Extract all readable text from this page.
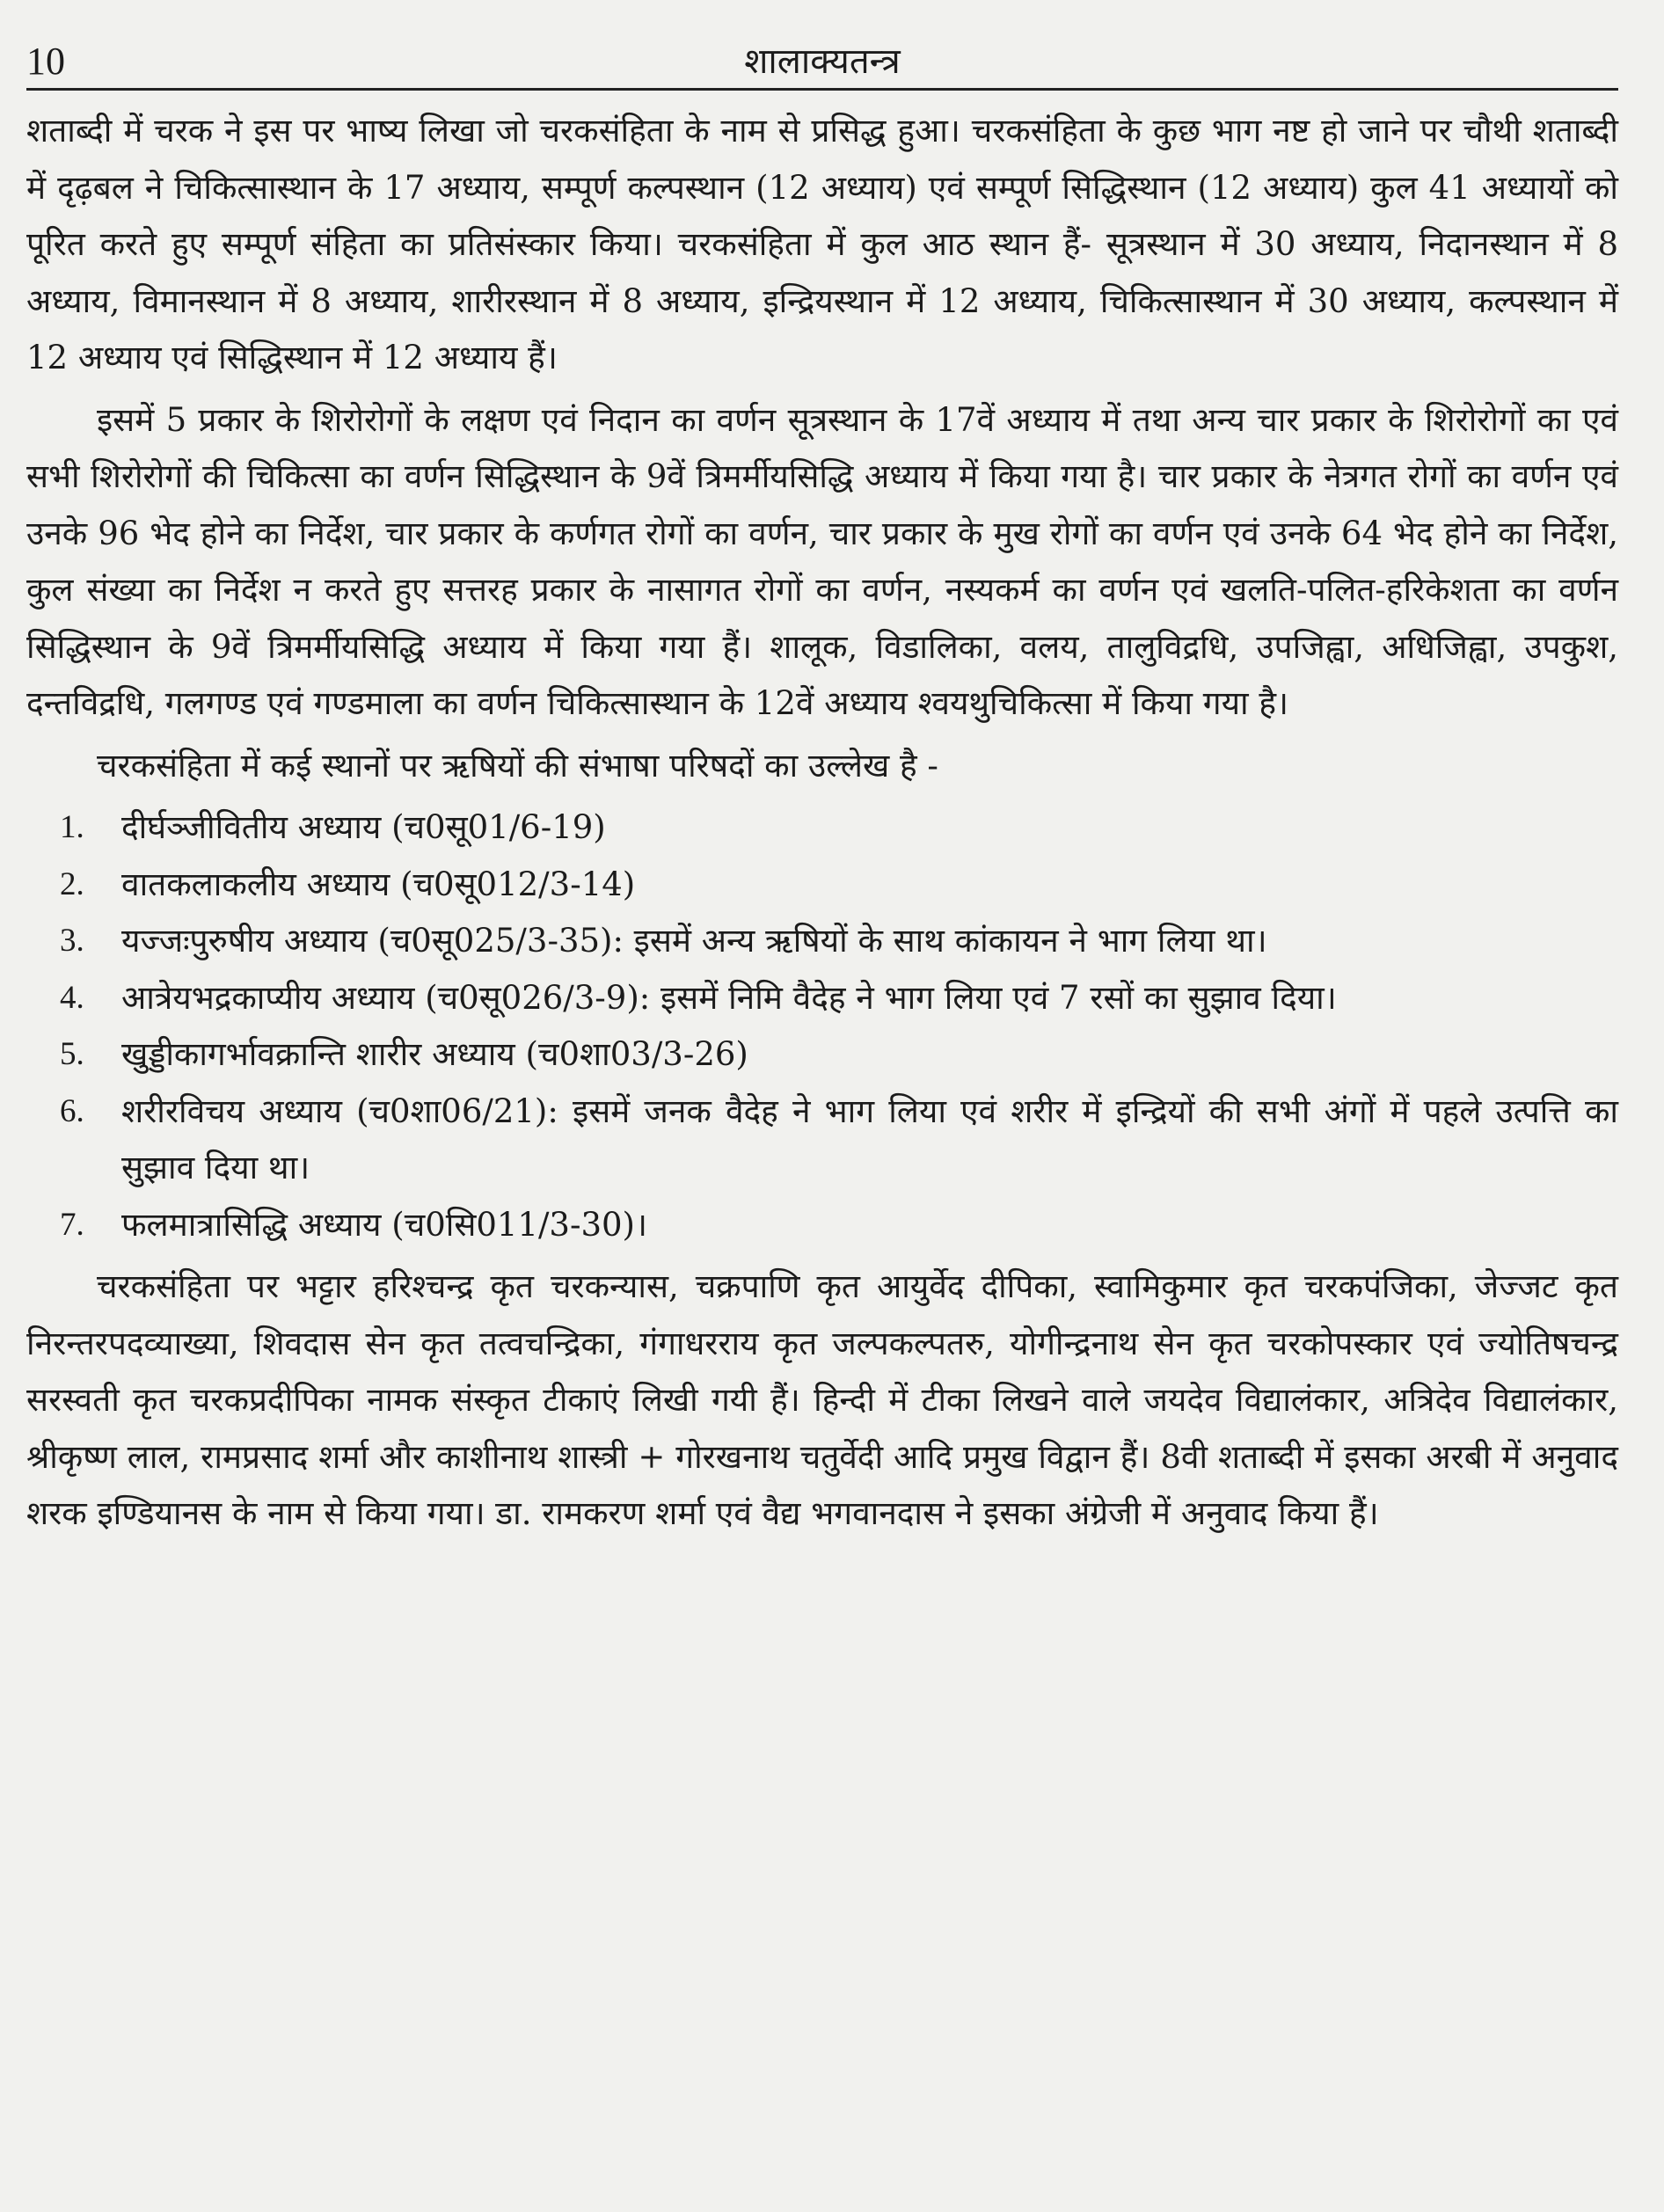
10	शालाक्यतन्त्र

शताब्दी में चरक ने इस पर भाष्य लिखा जो चरकसंहिता के नाम से प्रसिद्ध हुआ। चरकसंहिता के कुछ भाग नष्ट हो जाने पर चौथी शताब्दी में दृढ़बल ने चिकित्सास्थान के 17 अध्याय, सम्पूर्ण कल्पस्थान (12 अध्याय) एवं सम्पूर्ण सिद्धिस्थान (12 अध्याय) कुल 41 अध्यायों को पूरित करते हुए सम्पूर्ण संहिता का प्रतिसंस्कार किया। चरकसंहिता में कुल आठ स्थान हैं- सूत्रस्थान में 30 अध्याय, निदानस्थान में 8 अध्याय, विमानस्थान में 8 अध्याय, शारीरस्थान में 8 अध्याय, इन्द्रियस्थान में 12 अध्याय, चिकित्सास्थान में 30 अध्याय, कल्पस्थान में 12 अध्याय एवं सिद्धिस्थान में 12 अध्याय हैं।

इसमें 5 प्रकार के शिरोरोगों के लक्षण एवं निदान का वर्णन सूत्रस्थान के 17वें अध्याय में तथा अन्य चार प्रकार के शिरोरोगों का एवं सभी शिरोरोगों की चिकित्सा का वर्णन सिद्धिस्थान के 9वें त्रिमर्मीयसिद्धि अध्याय में किया गया है। चार प्रकार के नेत्रगत रोगों का वर्णन एवं उनके 96 भेद होने का निर्देश, चार प्रकार के कर्णगत रोगों का वर्णन, चार प्रकार के मुख रोगों का वर्णन एवं उनके 64 भेद होने का निर्देश, कुल संख्या का निर्देश न करते हुए सत्तरह प्रकार के नासागत रोगों का वर्णन, नस्यकर्म का वर्णन एवं खलति-पलित-हरिकेशता का वर्णन सिद्धिस्थान के 9वें त्रिमर्मीयसिद्धि अध्याय में किया गया हैं। शालूक, विडालिका, वलय, तालुविद्रधि, उपजिह्वा, अधिजिह्वा, उपकुश, दन्तविद्रधि, गलगण्ड एवं गण्डमाला का वर्णन चिकित्सास्थान के 12वें अध्याय श्वयथुचिकित्सा में किया गया है।

चरकसंहिता में कई स्थानों पर ऋषियों की संभाषा परिषदों का उल्लेख है -

1. दीर्घञ्जीवितीय अध्याय (च0सू01/6-19)
2. वातकलाकलीय अध्याय (च0सू012/3-14)
3. यज्जःपुरुषीय अध्याय (च0सू025/3-35): इसमें अन्य ऋषियों के साथ कांकायन ने भाग लिया था।
4. आत्रेयभद्रकाप्यीय अध्याय (च0सू026/3-9): इसमें निमि वैदेह ने भाग लिया एवं 7 रसों का सुझाव दिया।
5. खुड्डीकागर्भावक्रान्ति शारीर अध्याय (च0शा03/3-26)
6. शरीरविचय अध्याय (च0शा06/21): इसमें जनक वैदेह ने भाग लिया एवं शरीर में इन्द्रियों की सभी अंगों में पहले उत्पत्ति का सुझाव दिया था।
7. फलमात्रासिद्धि अध्याय (च0सि011/3-30)।

चरकसंहिता पर भट्टार हरिश्चन्द्र कृत चरकन्यास, चक्रपाणि कृत आयुर्वेद दीपिका, स्वामिकुमार कृत चरकपंजिका, जेज्जट कृत निरन्तरपदव्याख्या, शिवदास सेन कृत तत्वचन्द्रिका, गंगाधरराय कृत जल्पकल्पतरु, योगीन्द्रनाथ सेन कृत चरकोपस्कार एवं ज्योतिषचन्द्र सरस्वती कृत चरकप्रदीपिका नामक संस्कृत टीकाएं लिखी गयी हैं। हिन्दी में टीका लिखने वाले जयदेव विद्यालंकार, अत्रिदेव विद्यालंकार, श्रीकृष्ण लाल, रामप्रसाद शर्मा और काशीनाथ शास्त्री + गोरखनाथ चतुर्वेदी आदि प्रमुख विद्वान हैं। 8वी शताब्दी में इसका अरबी में अनुवाद शरक इण्डियानस के नाम से किया गया। डा. रामकरण शर्मा एवं वैद्य भगवानदास ने इसका अंग्रेजी में अनुवाद किया हैं।
